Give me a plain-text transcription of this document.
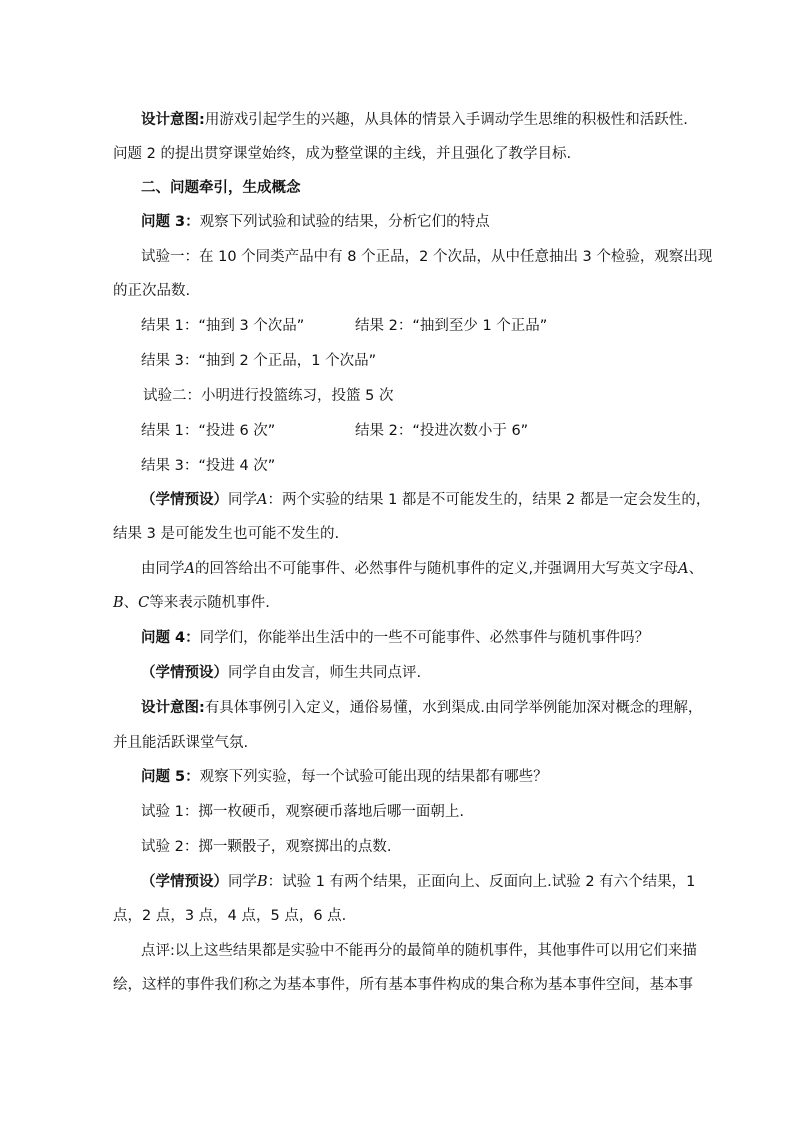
设计意图:用游戏引起学生的兴趣，从具体的情景入手调动学生思维的积极性和活跃性.
问题 2 的提出贯穿课堂始终，成为整堂课的主线，并且强化了教学目标.
二、问题牵引，生成概念
问题 3：观察下列试验和试验的结果，分析它们的特点
试验一：在 10 个同类产品中有 8 个正品，2 个次品，从中任意抽出 3 个检验，观察出现
的正次品数.
结果 1：“抽到 3 个次品”	结果 2：“抽到至少 1 个正品”
结果 3：“抽到 2 个正品，1 个次品”
试验二：小明进行投篮练习，投篮 5 次
结果 1：“投进 6 次”	结果 2：“投进次数小于 6”
结果 3：“投进 4 次”
（学情预设）同学A：两个实验的结果 1 都是不可能发生的，结果 2 都是一定会发生的，
结果 3 是可能发生也可能不发生的.
由同学A的回答给出不可能事件、必然事件与随机事件的定义,并强调用大写英文字母A、
B、C等来表示随机事件.
问题 4：同学们，你能举出生活中的一些不可能事件、必然事件与随机事件吗？
（学情预设）同学自由发言，师生共同点评.
设计意图:有具体事例引入定义，通俗易懂，水到渠成.由同学举例能加深对概念的理解，
并且能活跃课堂气氛.
问题 5：观察下列实验，每一个试验可能出现的结果都有哪些？
试验 1：掷一枚硬币，观察硬币落地后哪一面朝上.
试验 2：掷一颗骰子，观察掷出的点数.
（学情预设）同学B：试验 1 有两个结果，正面向上、反面向上.试验 2 有六个结果，1
点，2 点，3 点，4 点，5 点，6 点.
点评:以上这些结果都是实验中不能再分的最简单的随机事件，其他事件可以用它们来描
绘，这样的事件我们称之为基本事件，所有基本事件构成的集合称为基本事件空间，基本事
